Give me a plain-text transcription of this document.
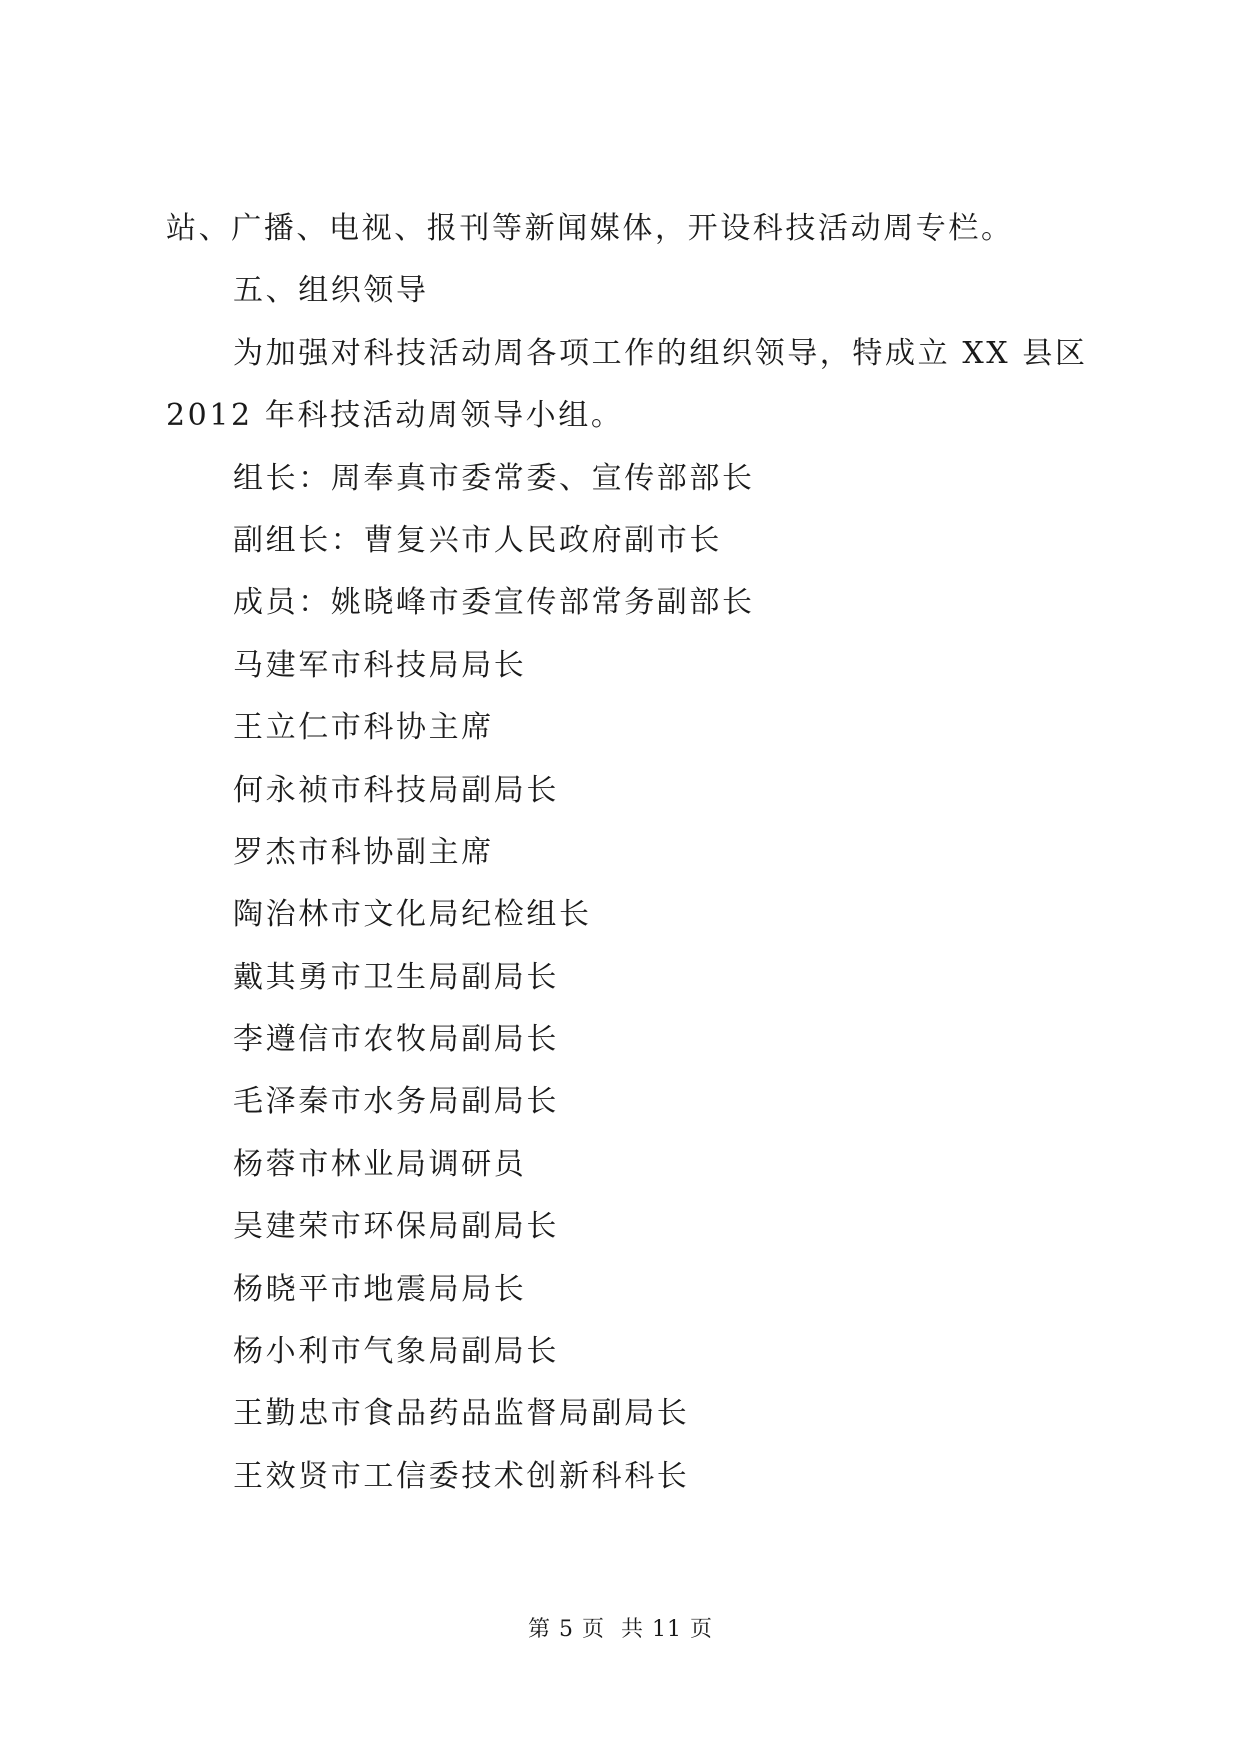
站、广播、电视、报刊等新闻媒体，开设科技活动周专栏。
五、组织领导
为加强对科技活动周各项工作的组织领导，特成立 XX 县区
2012 年科技活动周领导小组。
组长：周奉真市委常委、宣传部部长
副组长：曹复兴市人民政府副市长
成员：姚晓峰市委宣传部常务副部长
马建军市科技局局长
王立仁市科协主席
何永祯市科技局副局长
罗杰市科协副主席
陶治林市文化局纪检组长
戴其勇市卫生局副局长
李遵信市农牧局副局长
毛泽秦市水务局副局长
杨蓉市林业局调研员
吴建荣市环保局副局长
杨晓平市地震局局长
杨小利市气象局副局长
王勤忠市食品药品监督局副局长
王效贤市工信委技术创新科科长
第 5 页  共 11 页
